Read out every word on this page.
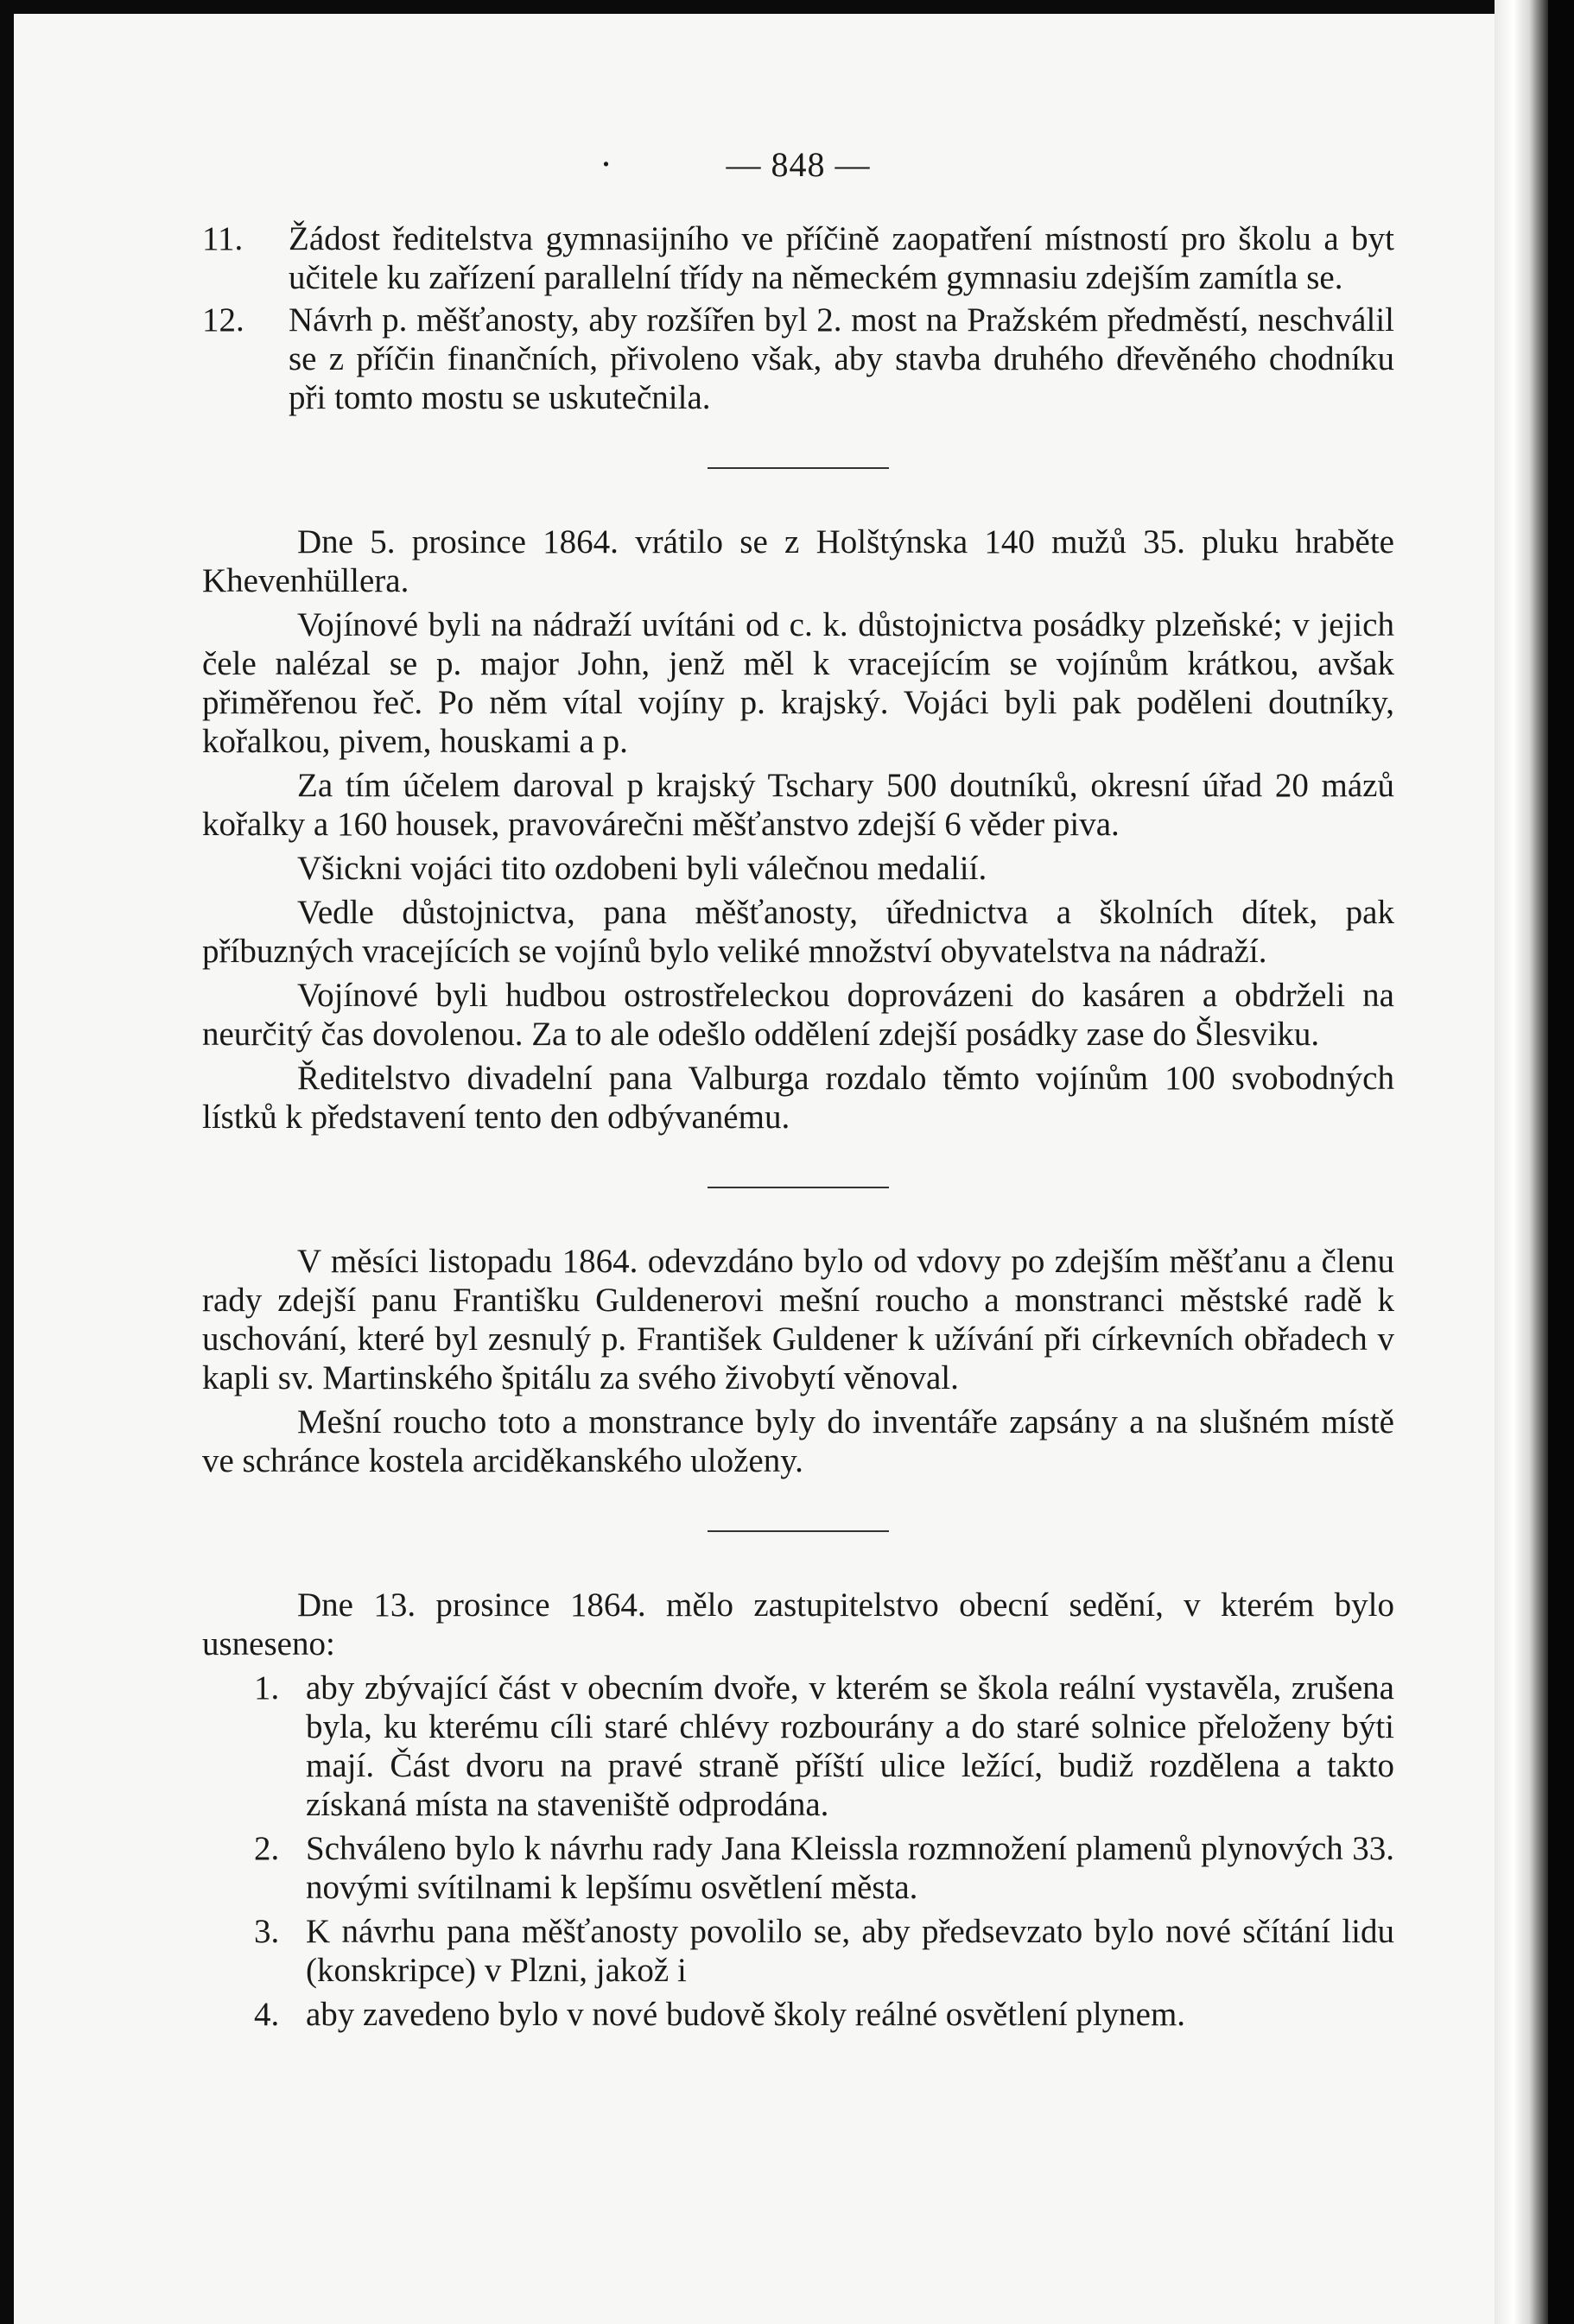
.	— 848 —
11.	Žádost ředitelstva gymnasijního ve příčině zaopatření místností pro školu a byt učitele ku zařízení parallelní třídy na německém gymnasiu zdejším zamítla se.
12.	Návrh p. měšťanosty, aby rozšířen byl 2. most na Pražském předměstí, neschválil se z příčin finančních, přivoleno však, aby stavba druhého dřevěného chodníku při tomto mostu se uskutečnila.

Dne 5. prosince 1864. vrátilo se z Holštýnska 140 mužů 35. pluku hraběte Khevenhüllera.

Vojínové byli na nádraží uvítáni od c. k. důstojnictva posádky plzeňské; v jejich čele nalézal se p. major John, jenž měl k vracejícím se vojínům krátkou, avšak přiměřenou řeč. Po něm vítal vojíny p. krajský. Vojáci byli pak poděleni doutníky, kořalkou, pivem, houskami a p.

Za tím účelem daroval p krajský Tschary 500 doutníků, okresní úřad 20 mázů kořalky a 160 housek, pravovárečni měšťanstvo zdejší 6 věder piva.

Všickni vojáci tito ozdobeni byli válečnou medalií.

Vedle důstojnictva, pana měšťanosty, úřednictva a školních dítek, pak příbuzných vracejících se vojínů bylo veliké množství obyvatelstva na nádraží.

Vojínové byli hudbou ostrostřeleckou doprovázeni do kasáren a obdrželi na neurčitý čas dovolenou. Za to ale odešlo oddělení zdejší posádky zase do Šlesviku.

Ředitelstvo divadelní pana Valburga rozdalo těmto vojínům 100 svobodných lístků k představení tento den odbývanému.

V měsíci listopadu 1864. odevzdáno bylo od vdovy po zdejším měšťanu a členu rady zdejší panu Františku Guldenerovi mešní roucho a monstranci městské radě k uschování, které byl zesnulý p. František Guldener k užívání při církevních obřadech v kapli sv. Martinského špitálu za svého živobytí věnoval.

Mešní roucho toto a monstrance byly do inventáře zapsány a na slušném místě ve schránce kostela arciděkanského uloženy.

Dne 13. prosince 1864. mělo zastupitelstvo obecní sedění, v kterém bylo usneseno:

1. aby zbývající část v obecním dvoře, v kterém se škola reální vystavěla, zrušena byla, ku kterému cíli staré chlévy rozbourány a do staré solnice přeloženy býti mají. Část dvoru na pravé straně příští ulice ležící, budiž rozdělena a takto získaná místa na staveniště odprodána.
2. Schváleno bylo k návrhu rady Jana Kleissla rozmnožení plamenů plynových 33. novými svítilnami k lepšímu osvětlení města.
3. K návrhu pana měšťanosty povolilo se, aby předsevzato bylo nové sčítání lidu (konskripce) v Plzni, jakož i
4. aby zavedeno bylo v nové budově školy reálné osvětlení plynem.
